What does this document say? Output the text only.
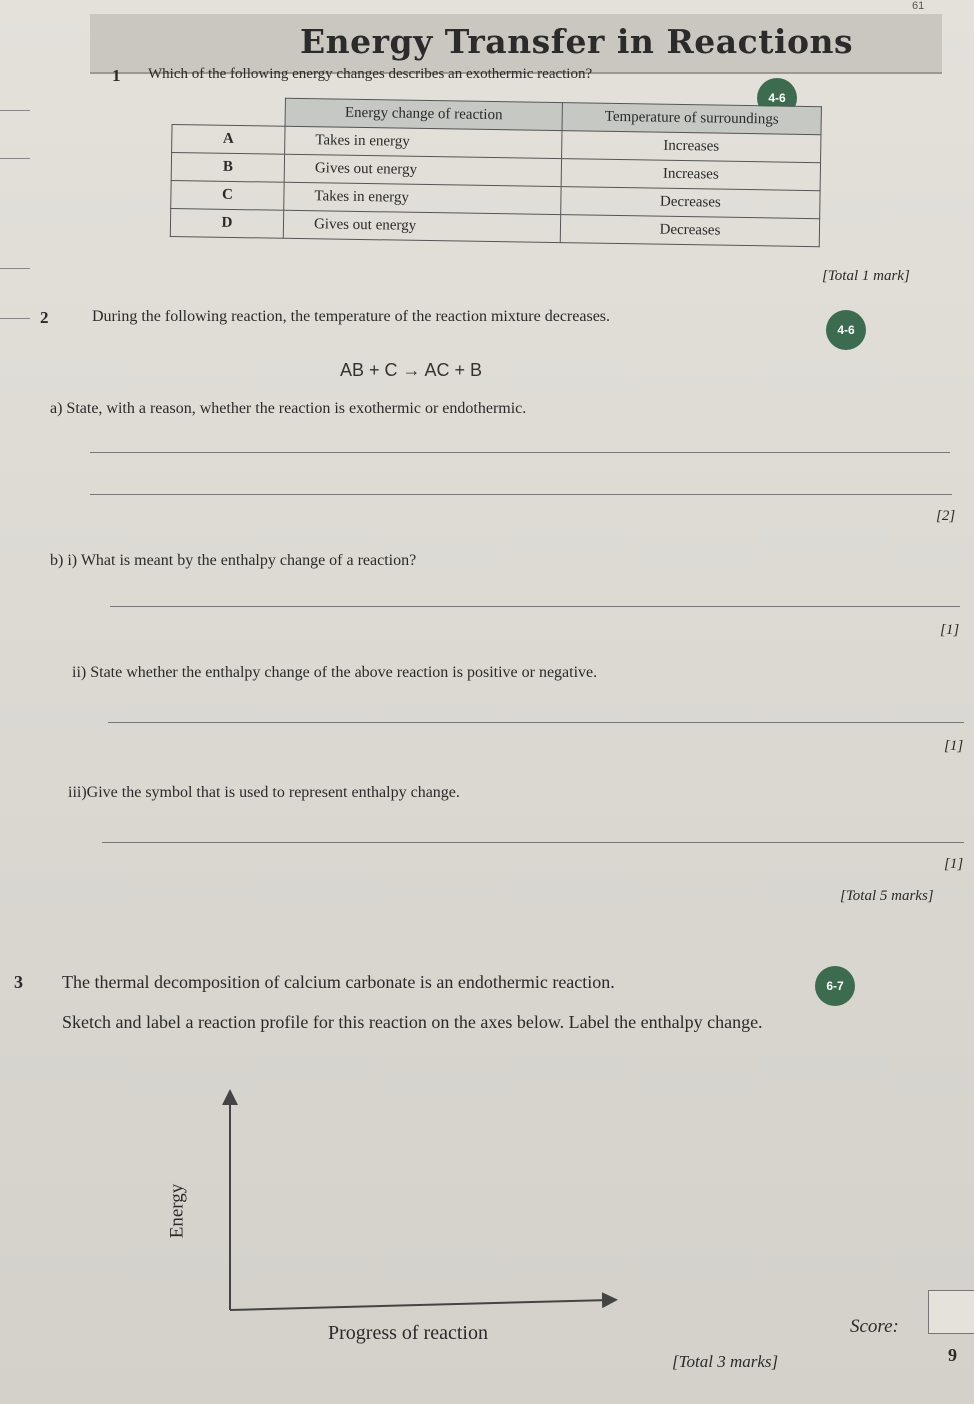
61
Energy Transfer in Reactions
1 Which of the following energy changes describes an exothermic reaction?
4-6
	Energy change of reaction	Temperature of surroundings
A	Takes in energy	Increases
B	Gives out energy	Increases
C	Takes in energy	Decreases
D	Gives out energy	Decreases
[Total 1 mark]
2	During the following reaction, the temperature of the reaction mixture decreases.
4-6
AB + C → AC + B
a) State, with a reason, whether the reaction is exothermic or endothermic.
[2]
b) i) What is meant by the enthalpy change of a reaction?
[1]
ii) State whether the enthalpy change of the above reaction is positive or negative.
[1]
iii)Give the symbol that is used to represent enthalpy change.
[1]
[Total 5 marks]
3 The thermal decomposition of calcium carbonate is an endothermic reaction.	6-7
Sketch and label a reaction profile for this reaction on the axes below. Label the enthalpy change.
Energy
Progress of reaction
[Total 3 marks]
Score:
9
